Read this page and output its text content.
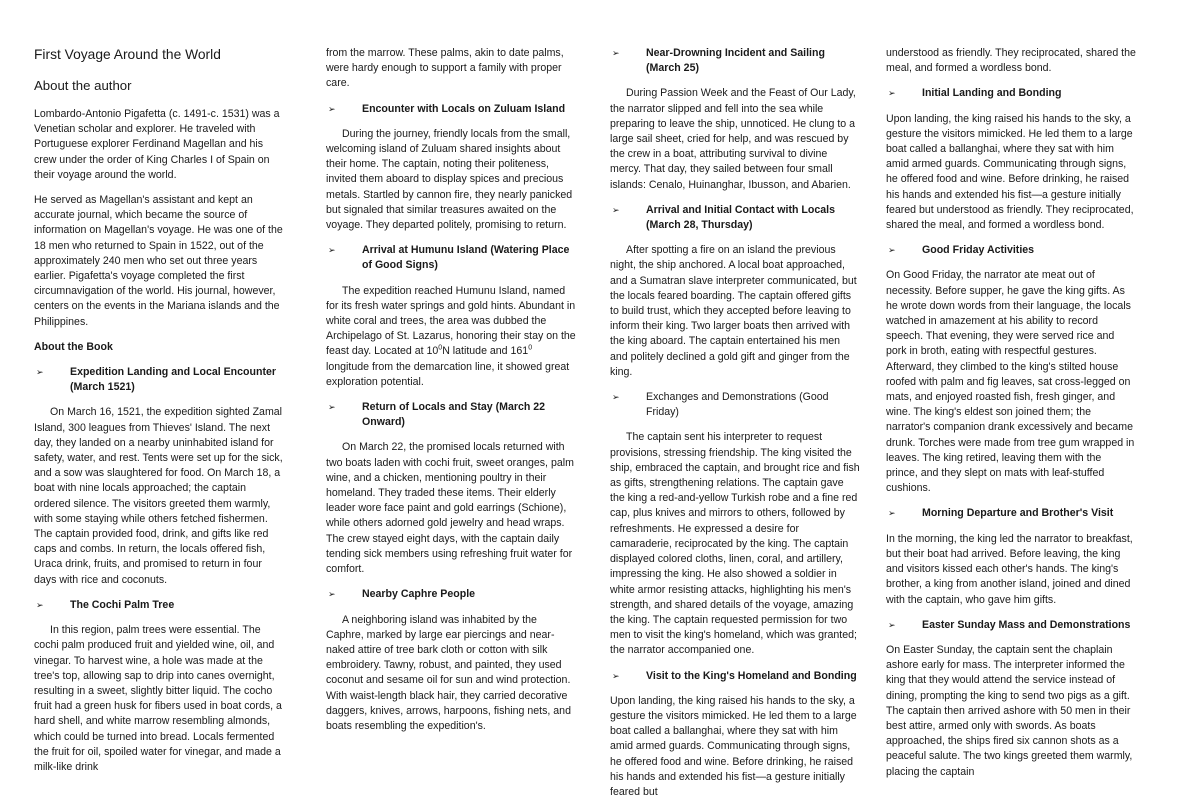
First Voyage Around the World
About the author

Lombardo-Antonio Pigafetta (c. 1491-c. 1531) was a Venetian scholar and explorer. He traveled with Portuguese explorer Ferdinand Magellan and his crew under the order of King Charles I of Spain on their voyage around the world.

He served as Magellan's assistant and kept an accurate journal, which became the source of information on Magellan's voyage. He was one of the 18 men who returned to Spain in 1522, out of the approximately 240 men who set out three years earlier. Pigafetta's voyage completed the first circumnavigation of the world. His journal, however, centers on the events in the Mariana islands and the Philippines.

About the Book
➢	Expedition Landing and Local Encounter (March 1521)

On March 16, 1521, the expedition sighted Zamal Island, 300 leagues from Thieves' Island. The next day, they landed on a nearby uninhabited island for safety, water, and rest. Tents were set up for the sick, and a sow was slaughtered for food. On March 18, a boat with nine locals approached; the captain ordered silence. The visitors greeted them warmly, with some staying while others fetched fishermen. The captain provided food, drink, and gifts like red caps and combs. In return, the locals offered fish, Uraca drink, fruits, and promised to return in four days with rice and coconuts.

➢	The Cochi Palm Tree

In this region, palm trees were essential. The cochi palm produced fruit and yielded wine, oil, and vinegar. To harvest wine, a hole was made at the tree's top, allowing sap to drip into canes overnight, resulting in a sweet, slightly bitter liquid. The cocho fruit had a green husk for fibers used in boat cords, a hard shell, and white marrow resembling almonds, which could be turned into bread. Locals fermented the fruit for oil, spoiled water for vinegar, and made a milk-like drink

from the marrow. These palms, akin to date palms, were hardy enough to support a family with proper care.

➢	Encounter with Locals on Zuluam Island

During the journey, friendly locals from the small, welcoming island of Zuluam shared insights about their home. The captain, noting their politeness, invited them aboard to display spices and precious metals. Startled by cannon fire, they nearly panicked but signaled that similar treasures awaited on the voyage. They departed politely, promising to return.

➢	Arrival at Humunu Island (Watering Place of Good Signs)

The expedition reached Humunu Island, named for its fresh water springs and gold hints. Abundant in white coral and trees, the area was dubbed the Archipelago of St. Lazarus, honoring their stay on the feast day. Located at $10^0N$ latitude and $161^0$ longitude from the demarcation line, it showed great exploration potential.

➢	Return of Locals and Stay (March 22 Onward)

On March 22, the promised locals returned with two boats laden with cochi fruit, sweet oranges, palm wine, and a chicken, mentioning poultry in their homeland. They traded these items. Their elderly leader wore face paint and gold earrings (Schione), while others adorned gold jewelry and head wraps. The crew stayed eight days, with the captain daily tending sick members using refreshing fruit water for comfort.

➢	Nearby Caphre People

A neighboring island was inhabited by the Caphre, marked by large ear piercings and near-naked attire of tree bark cloth or cotton with silk embroidery. Tawny, robust, and painted, they used coconut and sesame oil for sun and wind protection. With waist-length black hair, they carried decorative daggers, knives, arrows, harpoons, fishing nets, and boats resembling the expedition's.

➢	Near-Drowning Incident and Sailing (March 25)

During Passion Week and the Feast of Our Lady, the narrator slipped and fell into the sea while preparing to leave the ship, unnoticed. He clung to a large sail sheet, cried for help, and was rescued by the crew in a boat, attributing survival to divine mercy. That day, they sailed between four small islands: Cenalo, Huinanghar, Ibusson, and Abarien.

➢	Arrival and Initial Contact with Locals (March 28, Thursday)

After spotting a fire on an island the previous night, the ship anchored. A local boat approached, and a Sumatran slave interpreter communicated, but the locals feared boarding. The captain offered gifts to build trust, which they accepted before leaving to inform their king. Two larger boats then arrived with the king aboard. The captain entertained his men and politely declined a gold gift and ginger from the king.

➢	Exchanges and Demonstrations (Good Friday)

The captain sent his interpreter to request provisions, stressing friendship. The king visited the ship, embraced the captain, and brought rice and fish as gifts, strengthening relations. The captain gave the king a red-and-yellow Turkish robe and a fine red cap, plus knives and mirrors to others, followed by refreshments. He expressed a desire for camaraderie, reciprocated by the king. The captain displayed colored cloths, linen, coral, and artillery, impressing the king. He also showed a soldier in white armor resisting attacks, highlighting his men's strength, and shared details of the voyage, amazing the king. The captain requested permission for two men to visit the king's homeland, which was granted; the narrator accompanied one.

➢	Visit to the King's Homeland and Bonding

Upon landing, the king raised his hands to the sky, a gesture the visitors mimicked. He led them to a large boat called a ballanghai, where they sat with him amid armed guards. Communicating through signs, he offered food and wine. Before drinking, he raised his hands and extended his fist—a gesture initially feared but

understood as friendly. They reciprocated, shared the meal, and formed a wordless bond.

➢	Initial Landing and Bonding

Upon landing, the king raised his hands to the sky, a gesture the visitors mimicked. He led them to a large boat called a ballanghai, where they sat with him amid armed guards. Communicating through signs, he offered food and wine. Before drinking, he raised his hands and extended his fist—a gesture initially feared but understood as friendly. They reciprocated, shared the meal, and formed a wordless bond.

➢	Good Friday Activities

On Good Friday, the narrator ate meat out of necessity. Before supper, he gave the king gifts. As he wrote down words from their language, the locals watched in amazement at his ability to record speech. That evening, they were served rice and pork in broth, eating with respectful gestures. Afterward, they climbed to the king's stilted house roofed with palm and fig leaves, sat cross-legged on mats, and enjoyed roasted fish, fresh ginger, and wine. The king's eldest son joined them; the narrator's companion drank excessively and became drunk. Torches were made from tree gum wrapped in leaves. The king retired, leaving them with the prince, and they slept on mats with leaf-stuffed cushions.

➢	Morning Departure and Brother's Visit

In the morning, the king led the narrator to breakfast, but their boat had arrived. Before leaving, the king and visitors kissed each other's hands. The king's brother, a king from another island, joined and dined with the captain, who gave him gifts.

➢	Easter Sunday Mass and Demonstrations

On Easter Sunday, the captain sent the chaplain ashore early for mass. The interpreter informed the king that they would attend the service instead of dining, prompting the king to send two pigs as a gift. The captain then arrived ashore with 50 men in their best attire, armed only with swords. As boats approached, the ships fired six cannon shots as a peaceful salute. The two kings greeted them warmly, placing the captain
